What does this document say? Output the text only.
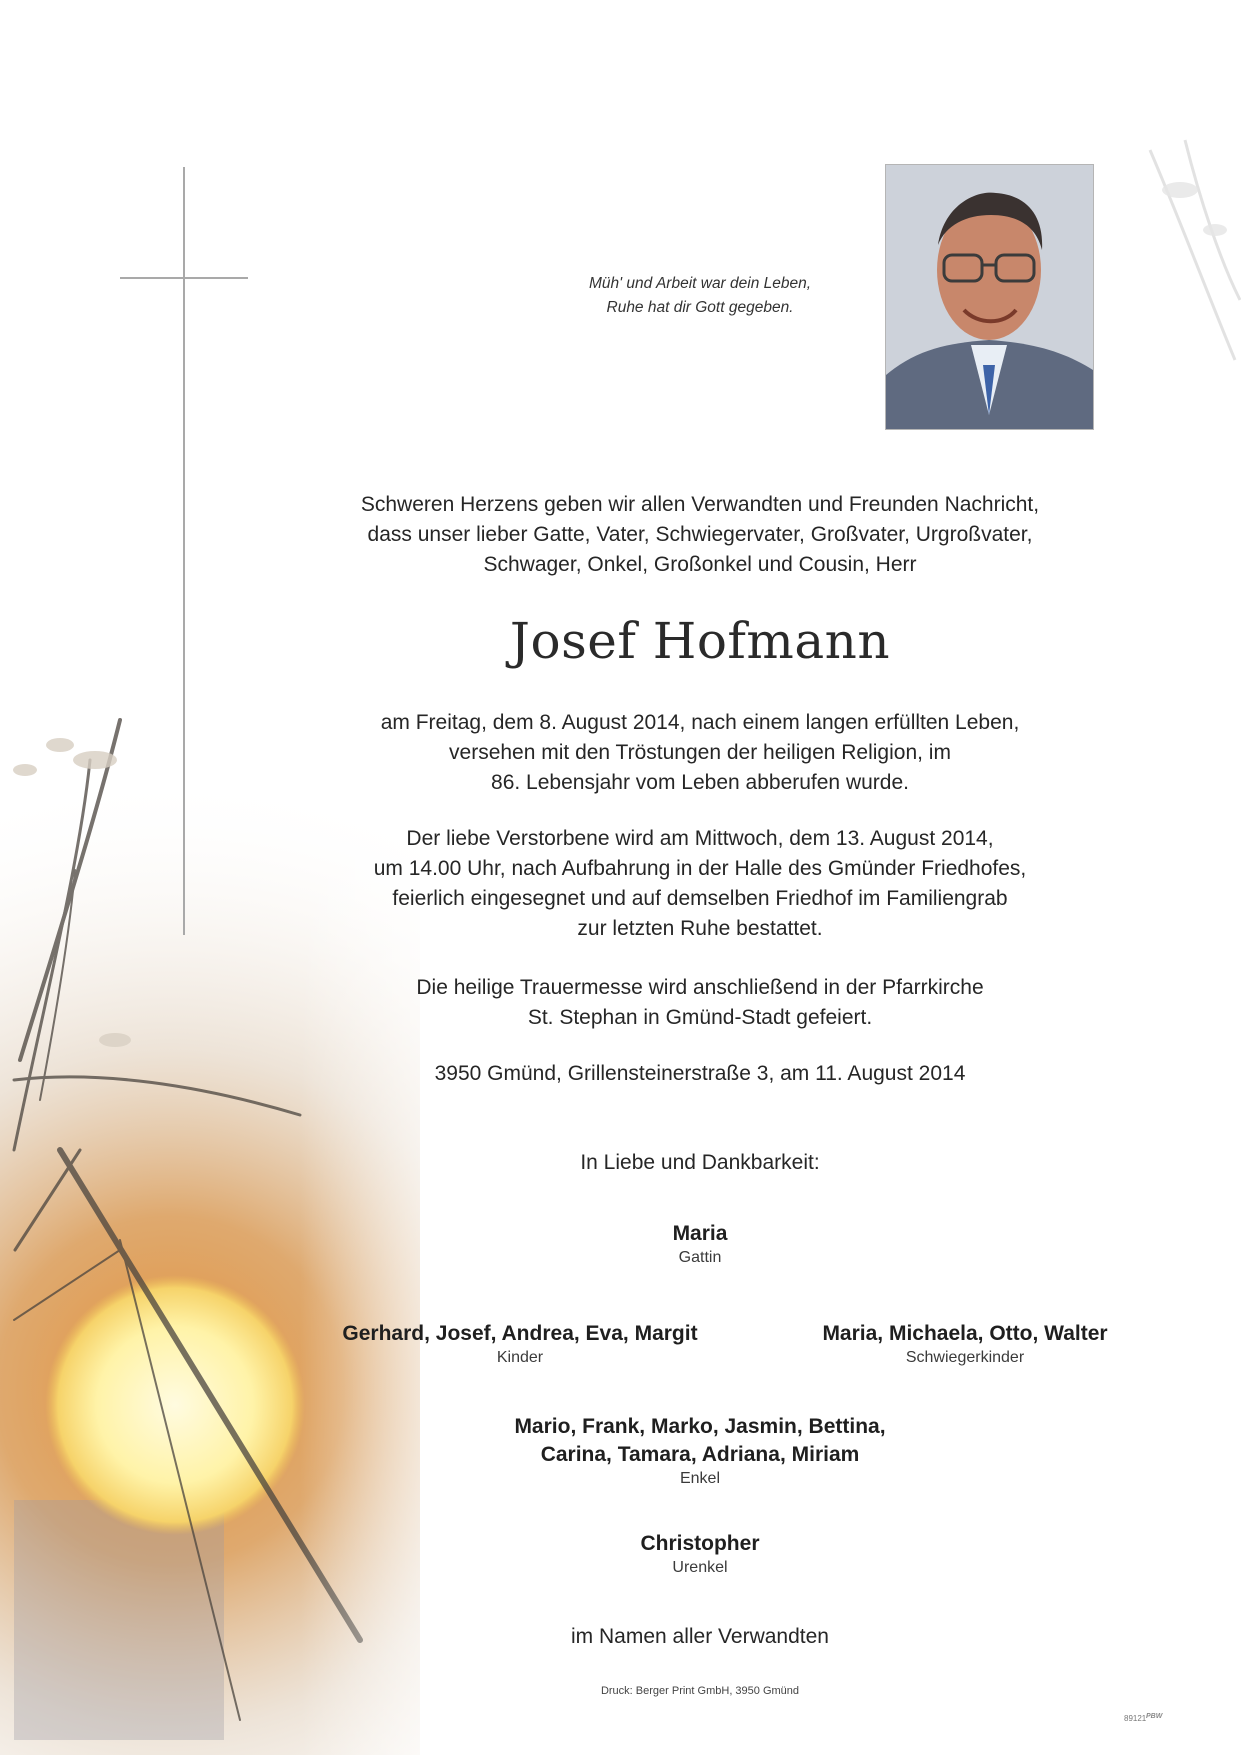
Müh' und Arbeit war dein Leben,
Ruhe hat dir Gott gegeben.
Schweren Herzens geben wir allen Verwandten und Freunden Nachricht,
dass unser lieber Gatte, Vater, Schwiegervater, Großvater, Urgroßvater,
Schwager, Onkel, Großonkel und Cousin, Herr
Josef Hofmann
am Freitag, dem 8. August 2014, nach einem langen erfüllten Leben,
versehen mit den Tröstungen der heiligen Religion, im
86. Lebensjahr vom Leben abberufen wurde.
Der liebe Verstorbene wird am Mittwoch, dem 13. August 2014,
um 14.00 Uhr, nach Aufbahrung in der Halle des Gmünder Friedhofes,
feierlich eingesegnet und auf demselben Friedhof im Familiengrab
zur letzten Ruhe bestattet.
Die heilige Trauermesse wird anschließend in der Pfarrkirche
St. Stephan in Gmünd-Stadt gefeiert.
3950 Gmünd, Grillensteinerstraße 3, am 11. August 2014
In Liebe und Dankbarkeit:
Maria
Gattin
Gerhard, Josef, Andrea, Eva, Margit
Kinder
Maria, Michaela, Otto, Walter
Schwiegerkinder
Mario, Frank, Marko, Jasmin, Bettina,
Carina, Tamara, Adriana, Miriam
Enkel
Christopher
Urenkel
im Namen aller Verwandten
Druck: Berger Print GmbH, 3950 Gmünd
89121 PBW
